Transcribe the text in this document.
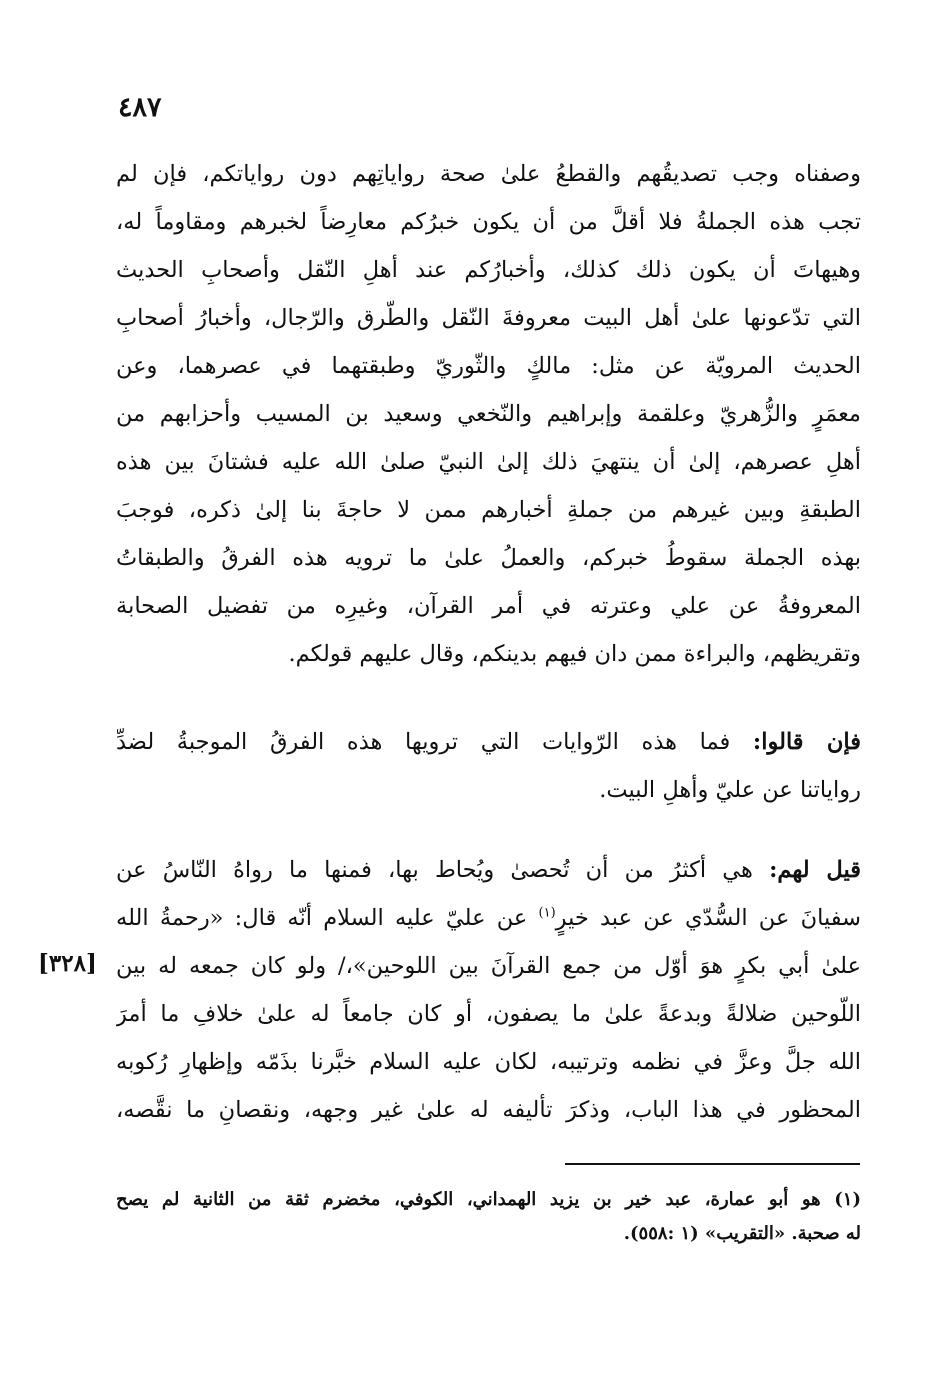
٤٨٧
وصفناه وجب تصديقُهم والقطعُ علىٰ صحة رواياتِهم دون رواياتكم، فإن لم
تجب هذه الجملةُ فلا أقلَّ من أن يكون خبرُكم معارِضاً لخبرهم ومقاوماً له،
وهيهاتَ أن يكون ذلك كذلك، وأخبارُكم عند أهلِ النّقل وأصحابِ الحديث
التي تدّعونها علىٰ أهل البيت معروفةَ النّقل والطّرق والرّجال، وأخبارُ أصحابِ
الحديث المرويّة عن مثل: مالكٍ والثّوريّ وطبقتهما في عصرهما، وعن
معمَرٍ والزُّهريّ وعلقمة وإبراهيم والنّخعي وسعيد بن المسيب وأحزابهم من
أهلِ عصرهم، إلىٰ أن ينتهيَ ذلك إلىٰ النبيّ صلىٰ الله عليه فشتانَ بين هذه
الطبقةِ وبين غيرهم من جملةِ أخبارهم ممن لا حاجةَ بنا إلىٰ ذكره، فوجبَ
بهذه الجملة سقوطُ خبركم، والعملُ علىٰ ما ترويه هذه الفرقُ والطبقاتُ
المعروفةُ عن علي وعترته في أمر القرآن، وغيرِه من تفضيل الصحابة
وتقريظهم، والبراءة ممن دان فيهم بدينكم، وقال عليهم قولكم.
فإن قالوا: فما هذه الرّوايات التي ترويها هذه الفرقُ الموجبةُ لضدِّ
رواياتنا عن عليّ وأهلِ البيت.
قيل لهم: هي أكثرُ من أن تُحصىٰ ويُحاط بها، فمنها ما رواهُ النّاسُ عن
سفيانَ عن السُّدّي عن عبد خيرٍ$^{(١)}$ عن عليّ عليه السلام أنّه قال: «رحمةُ الله
علىٰ أبي بكرٍ هوَ أوّل من جمع القرآنَ بين اللوحين»،/ ولو كان جمعه له بين
اللّوحين ضلالةً وبدعةً علىٰ ما يصفون، أو كان جامعاً له علىٰ خلافِ ما أمرَ
الله جلَّ وعزَّ في نظمه وترتيبه، لكان عليه السلام خبَّرنا بذَمّه وإظهارِ رُكوبه
المحظور في هذا الباب، وذكرَ تأليفه له علىٰ غير وجهه، ونقصانِ ما نقَّصه،
[٣٢٨]
(١) هو أبو عمارة، عبد خير بن يزيد الهمداني، الكوفي، مخضرم ثقة من الثانية لم يصح
له صحبة. «التقريب» (١ :٥٥٨).
